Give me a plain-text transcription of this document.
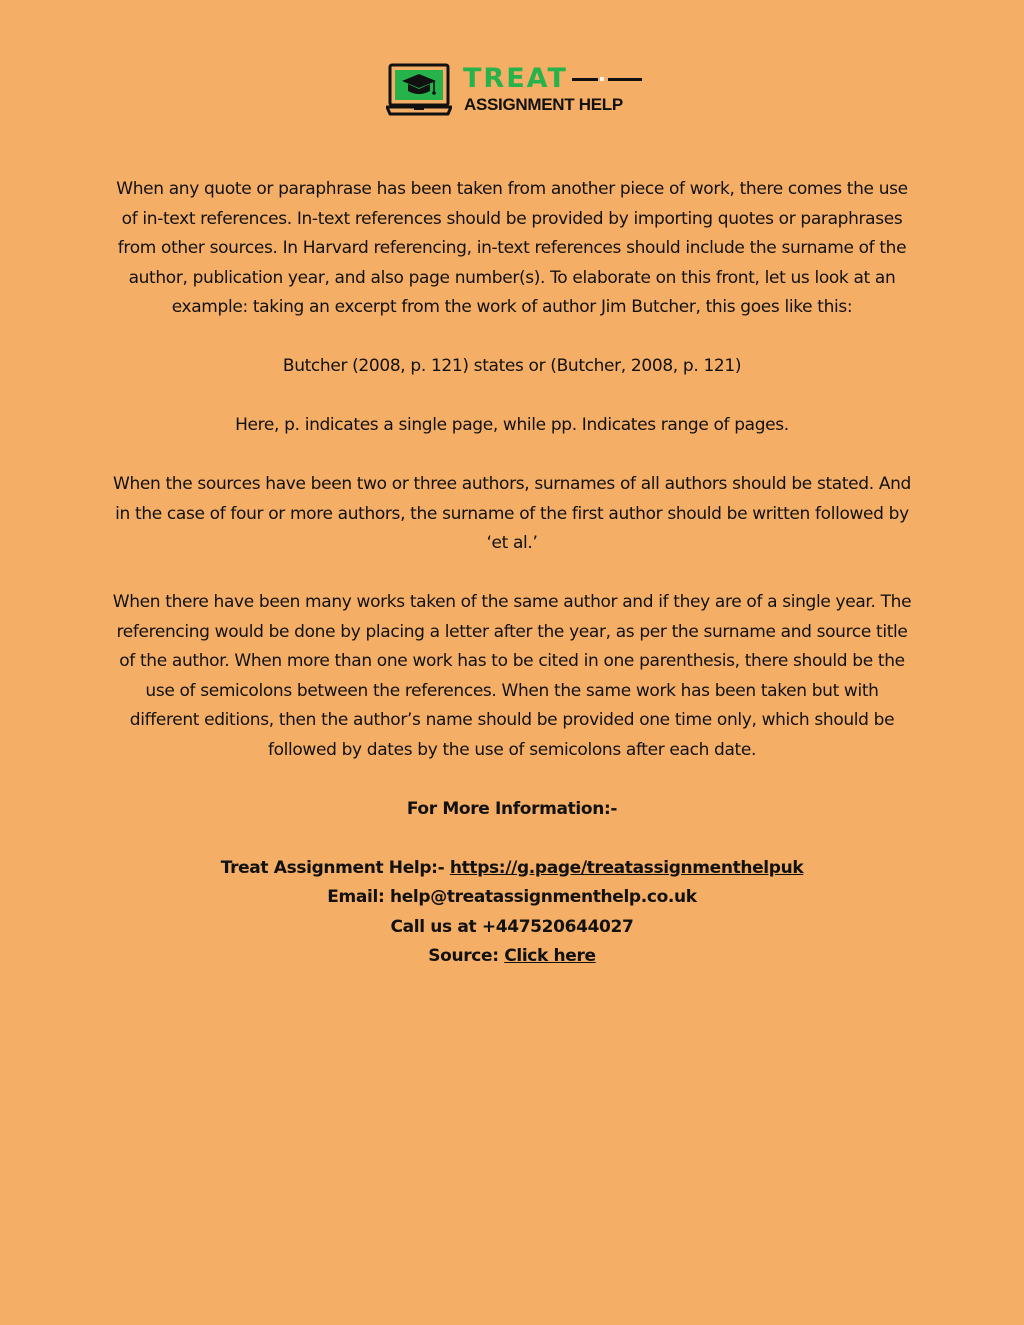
TREAT
ASSIGNMENT HELP

When any quote or paraphrase has been taken from another piece of work, there comes the use of in-text references. In-text references should be provided by importing quotes or paraphrases from other sources. In Harvard referencing, in-text references should include the surname of the author, publication year, and also page number(s). To elaborate on this front, let us look at an example: taking an excerpt from the work of author Jim Butcher, this goes like this:

Butcher (2008, p. 121) states or (Butcher, 2008, p. 121)

Here, p. indicates a single page, while pp. Indicates range of pages.

When the sources have been two or three authors, surnames of all authors should be stated. And in the case of four or more authors, the surname of the first author should be written followed by ‘et al.’

When there have been many works taken of the same author and if they are of a single year. The referencing would be done by placing a letter after the year, as per the surname and source title of the author. When more than one work has to be cited in one parenthesis, there should be the use of semicolons between the references. When the same work has been taken but with different editions, then the author’s name should be provided one time only, which should be followed by dates by the use of semicolons after each date.

For More Information:-

Treat Assignment Help:- https://g.page/treatassignmenthelpuk
Email: help@treatassignmenthelp.co.uk
Call us at +447520644027
Source: Click here
